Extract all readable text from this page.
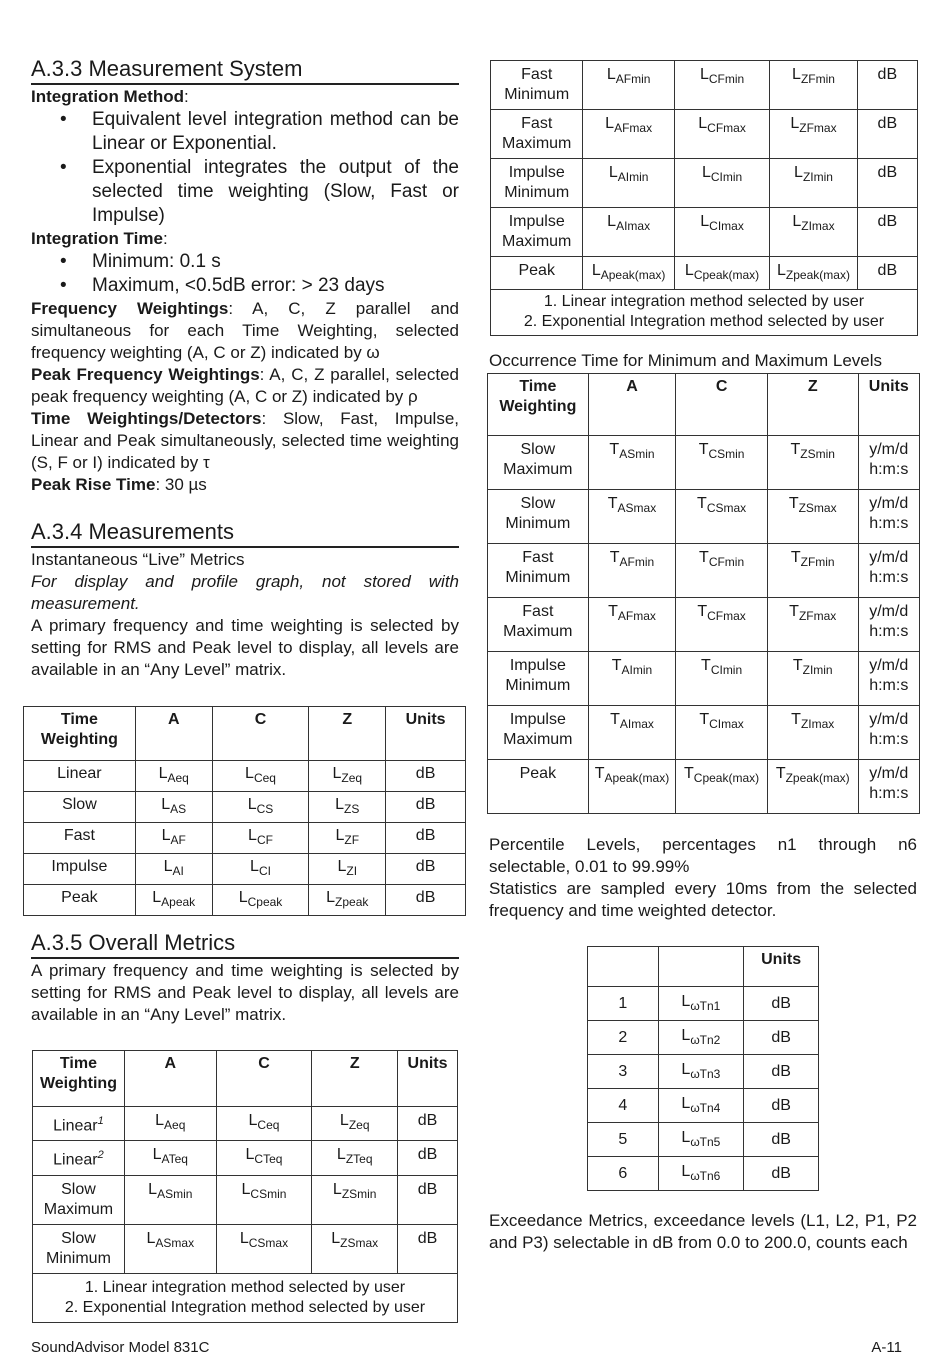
A.3.3 Measurement System

Integration Method:

• Equivalent level integration method can be Linear or Exponential.
• Exponential integrates the output of the selected time weighting (Slow, Fast or Impulse)

Integration Time:

• Minimum: 0.1 s
• Maximum, <0.5dB error: > 23 days

Frequency Weightings: A, C, Z parallel and simultaneous for each Time Weighting, selected frequency weighting (A, C or Z) indicated by ω

Peak Frequency Weightings: A, C, Z parallel, selected peak frequency weighting (A, C or Z) indicated by ρ

Time Weightings/Detectors: Slow, Fast, Impulse, Linear and Peak simultaneously, selected time weighting (S, F or I) indicated by τ

Peak Rise Time: 30 µs

A.3.4 Measurements

Instantaneous “Live” Metrics

For display and profile graph, not stored with measurement.

A primary frequency and time weighting is selected by setting for RMS and Peak level to display, all levels are available in an “Any Level” matrix.

Time Weighting	A	C	Z	Units
Linear	$L_{Aeq}$	$L_{Ceq}$	$L_{Zeq}$	dB
Slow	$L_{AS}$	$L_{CS}$	$L_{ZS}$	dB
Fast	$L_{AF}$	$L_{CF}$	$L_{ZF}$	dB
Impulse	$L_{AI}$	$L_{CI}$	$L_{ZI}$	dB
Peak	$L_{Apeak}$	$L_{Cpeak}$	$L_{Zpeak}$	dB
A.3.5 Overall Metrics

A primary frequency and time weighting is selected by setting for RMS and Peak level to display, all levels are available in an “Any Level” matrix.

Time Weighting	A	C	Z	Units
Linear$^1$	$L_{Aeq}$	$L_{Ceq}$	$L_{Zeq}$	dB
Linear$^2$	$L_{ATeq}$	$L_{CTeq}$	$L_{ZTeq}$	dB
Slow Maximum	$L_{ASmin}$	$L_{CSmin}$	$L_{ZSmin}$	dB
Slow Minimum	$L_{ASmax}$	$L_{CSmax}$	$L_{ZSmax}$	dB

1. Linear integration method selected by user
2. Exponential Integration method selected by user				
Fast Minimum	$L_{AFmin}$	$L_{CFmin}$	$L_{ZFmin}$	dB
Fast Maximum	$L_{AFmax}$	$L_{CFmax}$	$L_{ZFmax}$	dB
Impulse Minimum	$L_{AImin}$	$L_{CImin}$	$L_{ZImin}$	dB
Impulse Maximum	$L_{AImax}$	$L_{CImax}$	$L_{ZImax}$	dB
Peak	$L_{Apeak(max)}$	$L_{Cpeak(max)}$	$L_{Zpeak(max)}$	dB

1. Linear integration method selected by user
2. Exponential Integration method selected by user				

Occurrence Time for Minimum and Maximum Levels

Time Weighting	A	C	Z	Units
Slow Maximum	$T_{ASmin}$	$T_{CSmin}$	$T_{ZSmin}$	y/m/d h:m:s
Slow Minimum	$T_{ASmax}$	$T_{CSmax}$	$T_{ZSmax}$	y/m/d h:m:s
Fast Minimum	$T_{AFmin}$	$T_{CFmin}$	$T_{ZFmin}$	y/m/d h:m:s
Fast Maximum	$T_{AFmax}$	$T_{CFmax}$	$T_{ZFmax}$	y/m/d h:m:s
Impulse Minimum	$T_{AImin}$	$T_{CImin}$	$T_{ZImin}$	y/m/d h:m:s
Impulse Maximum	$T_{AImax}$	$T_{CImax}$	$T_{ZImax}$	y/m/d h:m:s
Peak	$T_{Apeak(max)}$	$T_{Cpeak(max)}$	$T_{Zpeak(max)}$	y/m/d h:m:s

Percentile Levels, percentages n1 through n6 selectable, 0.01 to 99.99%

Statistics are sampled every 10ms from the selected frequency and time weighted detector.

		Units
1	$L_{\omega Tn1}$	dB
2	$L_{\omega Tn2}$	dB
3	$L_{\omega Tn3}$	dB
4	$L_{\omega Tn4}$	dB
5	$L_{\omega Tn5}$	dB
6	$L_{\omega Tn6}$	dB

Exceedance Metrics, exceedance levels (L1, L2, P1, P2 and P3) selectable in dB from 0.0 to 200.0, counts each

SoundAdvisor Model 831C	A-11
